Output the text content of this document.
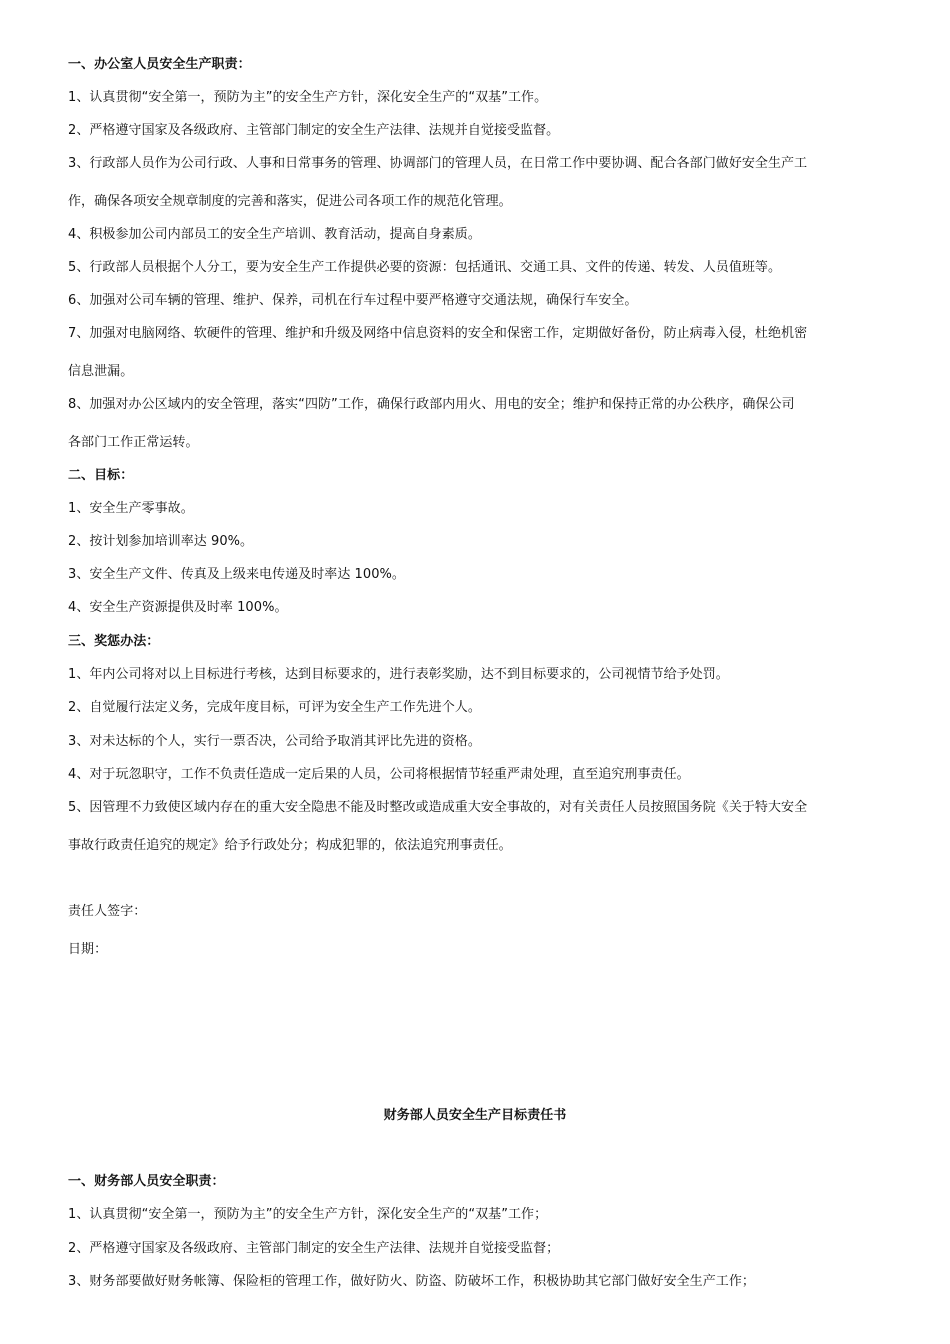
一、办公室人员安全生产职责：
1、认真贯彻“安全第一，预防为主”的安全生产方针，深化安全生产的“双基”工作。
2、严格遵守国家及各级政府、主管部门制定的安全生产法律、法规并自觉接受监督。
3、行政部人员作为公司行政、人事和日常事务的管理、协调部门的管理人员，在日常工作中要协调、配合各部门做好安全生产工
作，确保各项安全规章制度的完善和落实，促进公司各项工作的规范化管理。
4、积极参加公司内部员工的安全生产培训、教育活动，提高自身素质。
5、行政部人员根据个人分工，要为安全生产工作提供必要的资源：包括通讯、交通工具、文件的传递、转发、人员值班等。
6、加强对公司车辆的管理、维护、保养，司机在行车过程中要严格遵守交通法规，确保行车安全。
7、加强对电脑网络、软硬件的管理、维护和升级及网络中信息资料的安全和保密工作，定期做好备份，防止病毒入侵，杜绝机密
信息泄漏。
8、加强对办公区域内的安全管理，落实“四防”工作，确保行政部内用火、用电的安全；维护和保持正常的办公秩序，确保公司
各部门工作正常运转。
二、目标：
1、安全生产零事故。
2、按计划参加培训率达 90%。
3、安全生产文件、传真及上级来电传递及时率达 100%。
4、安全生产资源提供及时率 100%。
三、奖惩办法：
1、年内公司将对以上目标进行考核，达到目标要求的，进行表彰奖励，达不到目标要求的，公司视情节给予处罚。
2、自觉履行法定义务，完成年度目标，可评为安全生产工作先进个人。
3、对未达标的个人，实行一票否决，公司给予取消其评比先进的资格。
4、对于玩忽职守，工作不负责任造成一定后果的人员，公司将根据情节轻重严肃处理，直至追究刑事责任。
5、因管理不力致使区域内存在的重大安全隐患不能及时整改或造成重大安全事故的，对有关责任人员按照国务院《关于特大安全
事故行政责任追究的规定》给予行政处分；构成犯罪的，依法追究刑事责任。
责任人签字：
日期：
财务部人员安全生产目标责任书
一、财务部人员安全职责：
1、认真贯彻“安全第一，预防为主”的安全生产方针，深化安全生产的“双基”工作；
2、严格遵守国家及各级政府、主管部门制定的安全生产法律、法规并自觉接受监督；
3、财务部要做好财务帐簿、保险柜的管理工作，做好防火、防盗、防破坏工作，积极协助其它部门做好安全生产工作；
